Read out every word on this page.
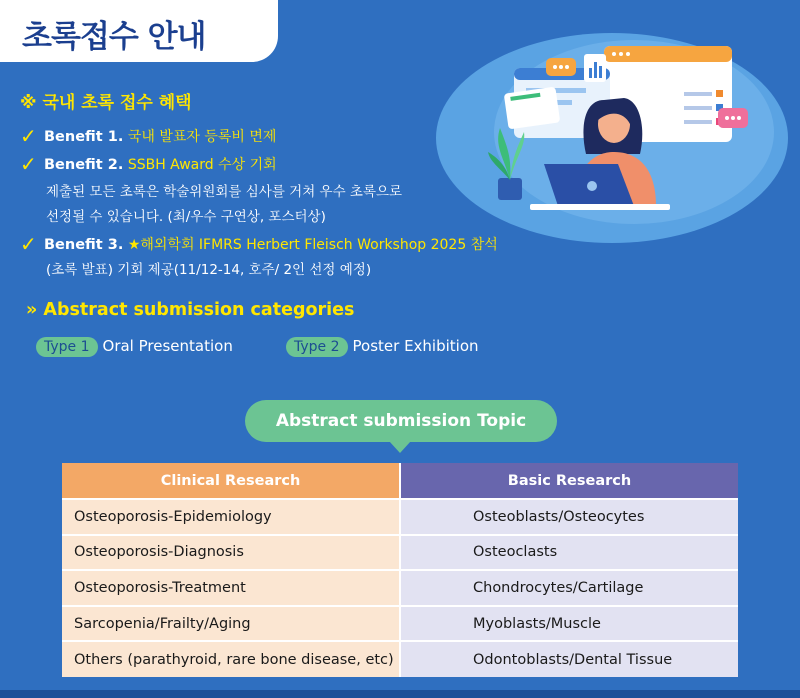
초록접수 안내
※ 국내 초록 접수 혜택
✓ Benefit 1. 국내 발표자 등록비 면제
✓ Benefit 2. SSBH Award 수상 기회
제출된 모든 초록은 학술위원회를 심사를 거쳐 우수 초록으로
선정될 수 있습니다. (최/우수 구연상, 포스터상)
✓ Benefit 3. ★해외학회 IFMRS Herbert Fleisch Workshop 2025 참석
(초록 발표) 기회 제공(11/12-14, 호주/ 2인 선정 예정)
» Abstract submission categories
Type 1 Oral Presentation	Type 2 Poster Exhibition
Abstract submission Topic
Clinical Research	Basic Research
Osteoporosis-Epidemiology	Osteoblasts/Osteocytes
Osteoporosis-Diagnosis	Osteoclasts
Osteoporosis-Treatment	Chondrocytes/Cartilage
Sarcopenia/Frailty/Aging	Myoblasts/Muscle
Others (parathyroid, rare bone disease, etc)	Odontoblasts/Dental Tissue
